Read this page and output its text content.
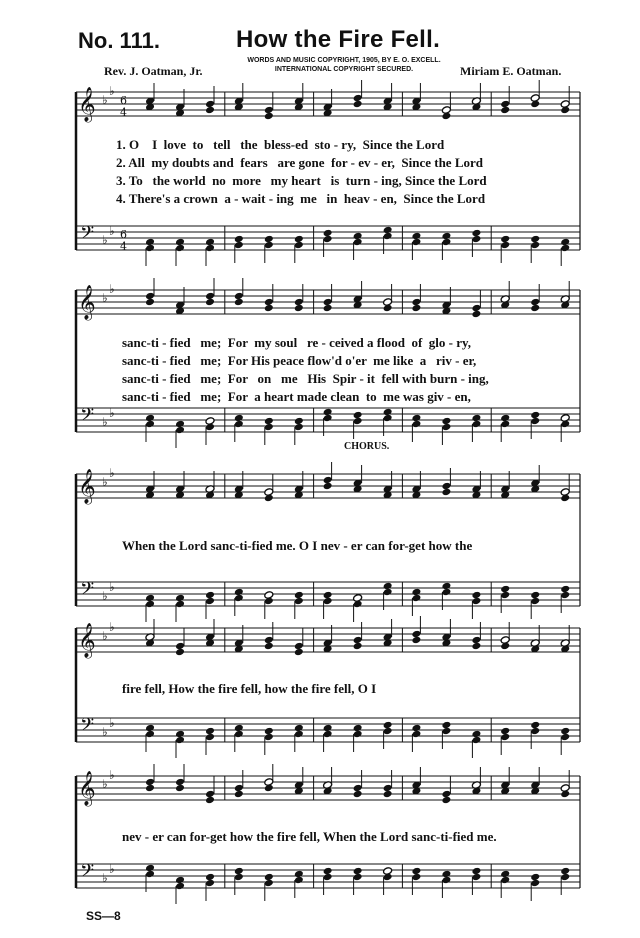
No. 111.	How the Fire Fell.
WORDS AND MUSIC COPYRIGHT, 1905, BY E. O. EXCELL.
INTERNATIONAL COPYRIGHT SECURED.
Rev. J. Oatman, Jr.	Miriam E. Oatman.
𝄞
𝄢
♭
♭
♭
♭
6
4
6
4
𝄞
𝄢
♭
♭
♭
♭
𝄞
𝄢
♭
♭
♭
♭
𝄞
𝄢
♭
♭
♭
♭
𝄞
𝄢
♭
♭
♭
♭
1. O    I  love  to   tell   the  bless-ed  sto - ry,  Since the Lord
2. All  my doubts and  fears   are gone  for - ev - er,  Since the Lord
3. To   the world  no  more   my heart   is  turn - ing, Since the Lord
4. There's a crown  a - wait - ing  me   in  heav - en,  Since the Lord
sanc-ti - fied   me;  For  my soul   re - ceived a flood  of  glo - ry,
sanc-ti - fied   me;  For His peace flow'd o'er  me like  a   riv - er,
sanc-ti - fied   me;  For   on   me   His  Spir - it  fell with burn - ing,
sanc-ti - fied   me;  For  a heart made clean  to  me was giv - en,
CHORUS.
When the Lord sanc-ti-fied me. O I nev - er can for-get how the
fire fell, How the fire fell, how the fire fell, O I
nev - er can for-get how the fire fell, When the Lord sanc-ti-fied me.
SS—8
